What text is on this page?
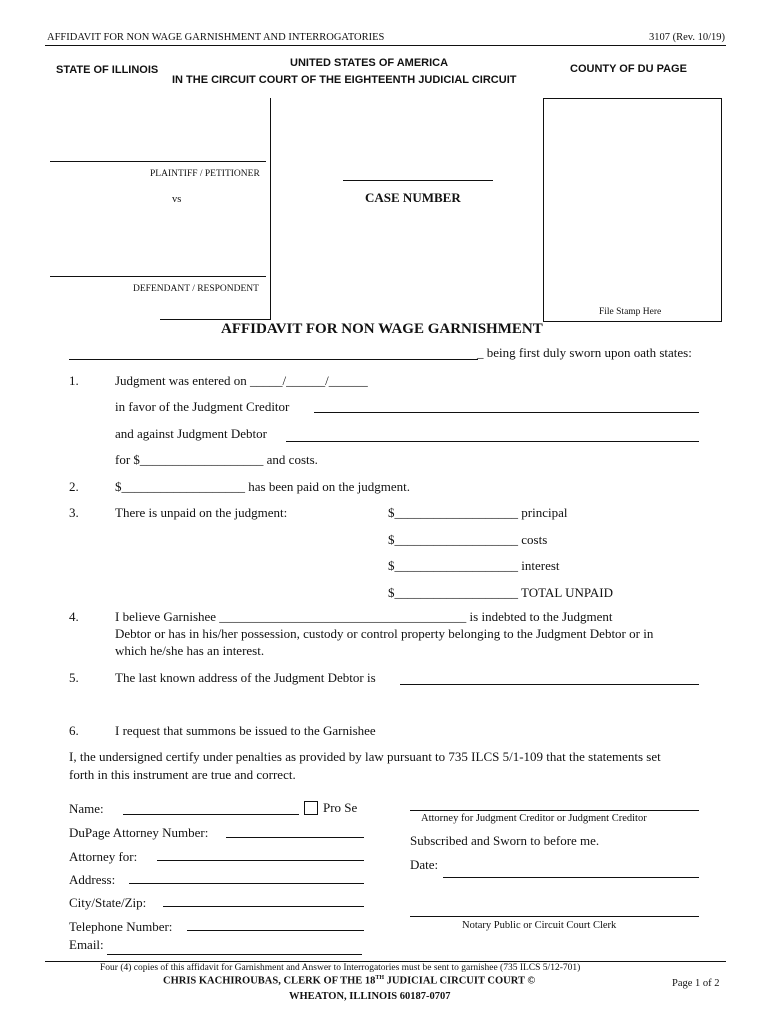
AFFIDAVIT FOR NON WAGE GARNISHMENT AND INTERROGATORIES	3107 (Rev. 10/19)
STATE OF ILLINOIS
UNITED STATES OF AMERICA	COUNTY OF DU PAGE
IN THE CIRCUIT COURT OF THE EIGHTEENTH JUDICIAL CIRCUIT
PLAINTIFF / PETITIONER
vs
DEFENDANT / RESPONDENT
CASE NUMBER
File Stamp Here
AFFIDAVIT FOR NON WAGE GARNISHMENT
_ being first duly sworn upon oath states:
1.	Judgment was entered on _____/______/______
in favor of the Judgment Creditor
and against Judgment Debtor
for $___________________ and costs.
2.	$___________________ has been paid on the judgment.
3.	There is unpaid on the judgment:	$___________________ principal
$___________________ costs
$___________________ interest
$___________________ TOTAL UNPAID
4.	I believe Garnishee ______________________________________ is indebted to the Judgment
Debtor or has in his/her possession, custody or control property belonging to the Judgment Debtor or in
which he/she has an interest.
5.	The last known address of the Judgment Debtor is
6.	I request that summons be issued to the Garnishee
I, the undersigned certify under penalties as provided by law pursuant to 735 ILCS 5/1-109 that the statements set
forth in this instrument are true and correct.
Name:	Pro Se
DuPage Attorney Number:
Attorney for:
Address:
City/State/Zip:
Telephone Number:
Email:
Attorney for Judgment Creditor or Judgment Creditor
Subscribed and Sworn to before me.
Date:
Notary Public or Circuit Court Clerk
Four (4) copies of this affidavit for Garnishment and Answer to Interrogatories must be sent to garnishee (735 ILCS 5/12-701)
CHRIS KACHIROUBAS, CLERK OF THE 18TH JUDICIAL CIRCUIT COURT ©
WHEATON, ILLINOIS 60187-0707
Page 1 of 2
